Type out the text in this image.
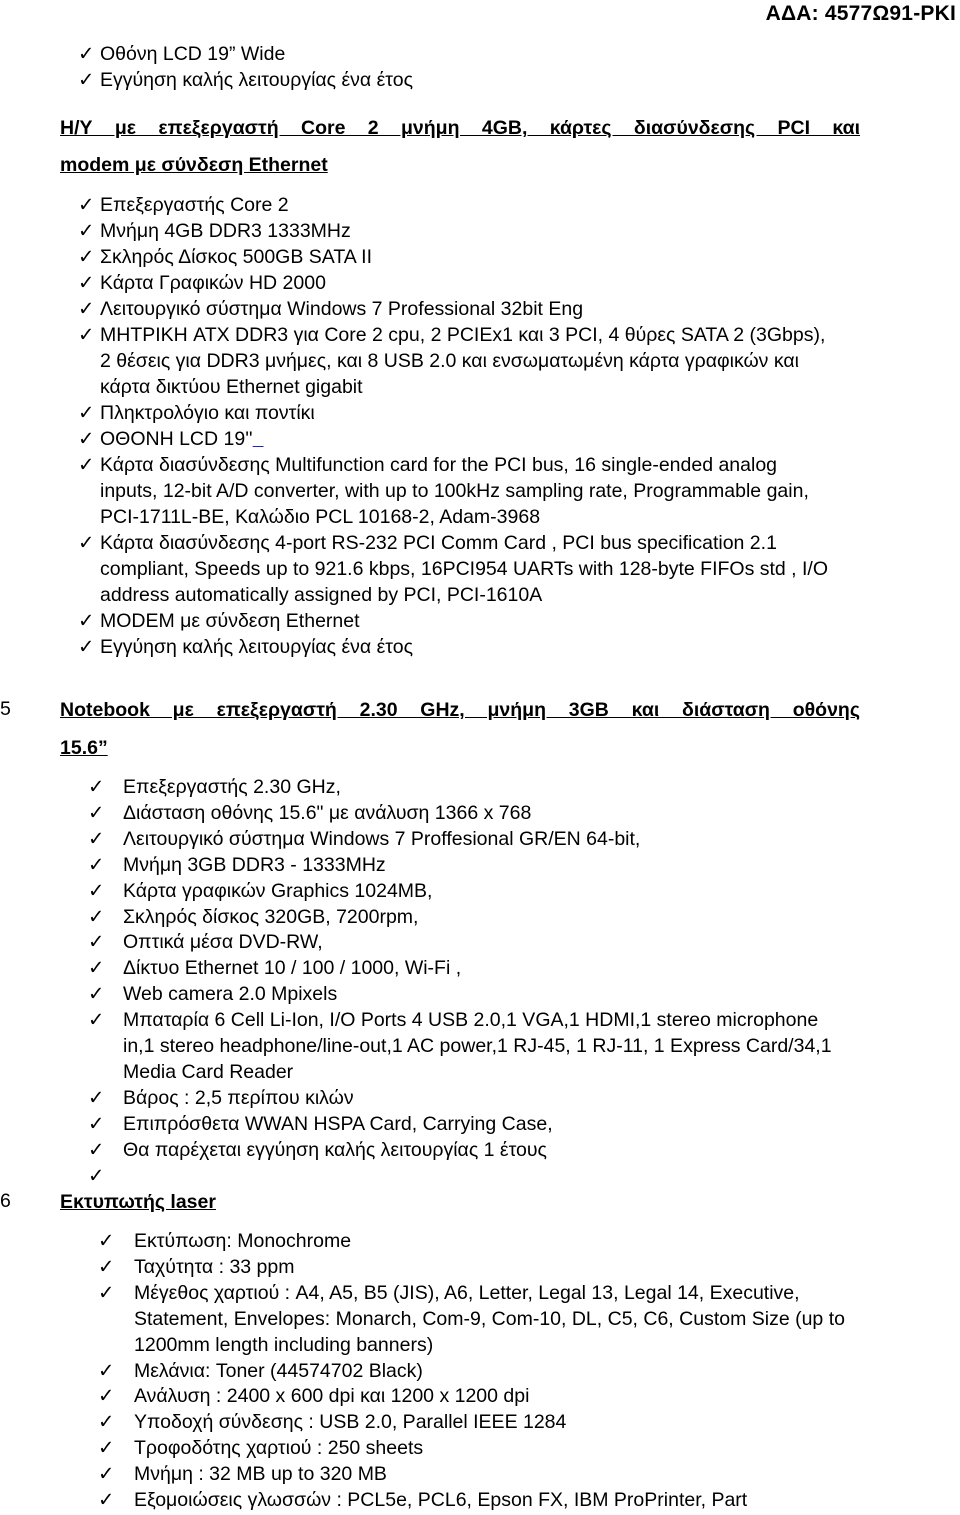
ΑΔΑ: 4577Ω91-ΡΚΙ
✓ Οθόνη LCD 19” Wide
✓ Εγγύηση καλής λειτουργίας ένα έτος
Η/Υ με επεξεργαστή Core 2 μνήμη 4GB, κάρτες διασύνδεσης PCI και
modem με σύνδεση Ethernet
✓ Επεξεργαστής Core 2
✓ Μνήμη 4GB DDR3 1333MHz
✓ Σκληρός Δίσκος 500GB SATA II
✓ Κάρτα Γραφικών HD 2000
✓ Λειτουργικό σύστημα Windows 7 Professional 32bit Eng
✓ ΜΗΤΡΙΚΗ ATX DDR3 για Core 2 cpu, 2 PCIEx1 και 3 PCI, 4 θύρες SATA 2 (3Gbps), 2 θέσεις για DDR3 μνήμες, και 8 USB 2.0 και ενσωματωμένη κάρτα γραφικών και κάρτα δικτύου Ethernet gigabit
✓ Πληκτρολόγιο και ποντίκι
✓ ΟΘΟΝΗ LCD 19''
✓ Κάρτα διασύνδεσης Multifunction card for the PCI bus, 16 single-ended analog inputs, 12-bit A/D converter, with up to 100kHz sampling rate, Programmable gain, PCI-1711L-BE, Καλώδιο PCL 10168-2, Adam-3968
✓ Κάρτα διασύνδεσης 4-port RS-232 PCI Comm Card , PCI bus specification 2.1 compliant, Speeds up to 921.6 kbps, 16PCI954 UARTs with 128-byte FIFOs std , I/O address automatically assigned by PCI, PCI-1610A
✓ MODEM με σύνδεση Ethernet
✓ Εγγύηση καλής λειτουργίας ένα έτος
5	Notebook με επεξεργαστή 2.30 GHz, μνήμη 3GB και διάσταση οθόνης
15.6”
✓ Επεξεργαστής 2.30 GHz,
✓ Διάσταση οθόνης 15.6" με ανάλυση 1366 x 768
✓ Λειτουργικό σύστημα Windows 7 Proffesional GR/EN 64-bit,
✓ Μνήμη 3GB DDR3 - 1333MHz
✓ Κάρτα γραφικών Graphics 1024MB,
✓ Σκληρός δίσκος 320GB, 7200rpm,
✓ Οπτικά μέσα DVD-RW,
✓ Δίκτυο Ethernet 10 / 100 / 1000, Wi-Fi ,
✓ Web camera 2.0 Mpixels
✓ Μπαταρία 6 Cell Li-Ion, I/O Ports 4 USB 2.0,1 VGA,1 HDMI,1 stereo microphone in,1 stereo headphone/line-out,1 AC power,1 RJ-45, 1 RJ-11, 1 Express Card/34,1 Media Card Reader
✓ Βάρος : 2,5 περίπου κιλών
✓ Επιπρόσθετα WWAN HSPA Card, Carrying Case,
✓ Θα παρέχεται εγγύηση καλής λειτουργίας 1 έτους
✓
6	Εκτυπωτής laser
✓ Εκτύπωση: Monochrome
✓ Ταχύτητα : 33 ppm
✓ Μέγεθος χαρτιού : A4, A5, B5 (JIS), A6, Letter, Legal 13, Legal 14, Executive, Statement, Envelopes: Monarch, Com-9, Com-10, DL, C5, C6, Custom Size (up to 1200mm length including banners)
✓ Μελάνια: Toner (44574702 Black)
✓ Ανάλυση : 2400 x 600 dpi και 1200 x 1200 dpi
✓ Υποδοχή σύνδεσης : USB 2.0, Parallel IEEE 1284
✓ Τροφοδότης χαρτιού : 250 sheets
✓ Μνήμη : 32 MB up to 320 MB
✓ Εξομοιώσεις γλωσσών : PCL5e, PCL6, Epson FX, IBM ProPrinter, Part
